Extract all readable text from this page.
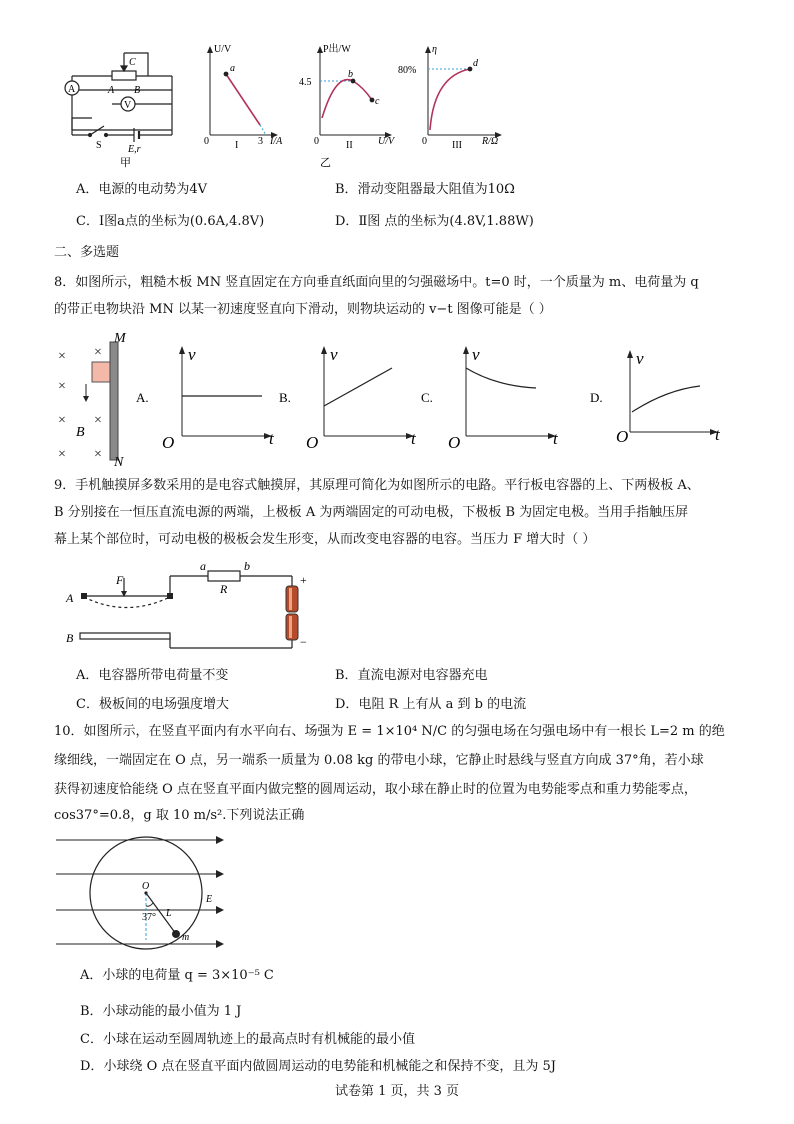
A
V
C
A B
S	E,r
甲
U/V
a
0	3 I/A
I
P出/W
4.5
b
c
0	U/V
II
乙
η
80%
d
0	R/Ω
III
A．电源的电动势为4V	B．滑动变阻器最大阻值为10Ω
C．Ⅰ图a点的坐标为(0.6A,4.8V)	D．Ⅱ图 点的坐标为(4.8V,1.88W)
二、多选题
8．如图所示，粗糙木板 MN 竖直固定在方向垂直纸面向里的匀强磁场中。t=0 时，一个质量为 m、电荷量为 q
的带正电物块沿 MN 以某一初速度竖直向下滑动，则物块运动的 v−t 图像可能是（ ）
×
×
×
×
×
×
×
B
M
N
A.
v
t
O
B.
v
t
O
C.
v
t
O
D.
v
t
O
9．手机触摸屏多数采用的是电容式触摸屏，其原理可简化为如图所示的电路。平行板电容器的上、下两极板 A、
B 分别接在一恒压直流电源的两端，上极板 A 为两端固定的可动电极，下极板 B 为固定电极。当用手指触压屏
幕上某个部位时，可动电极的极板会发生形变，从而改变电容器的电容。当压力 F 增大时（ ）
F
A
B
a	b
R
+
−
A．电容器所带电荷量不变	B．直流电源对电容器充电
C．极板间的电场强度增大	D．电阻 R 上有从 a 到 b 的电流
10．如图所示，在竖直平面内有水平向右、场强为 E = 1×10⁴ N/C 的匀强电场在匀强电场中有一根长 L=2 m 的绝
缘细线，一端固定在 O 点，另一端系一质量为 0.08 kg 的带电小球，它静止时悬线与竖直方向成 37°角，若小球
获得初速度恰能绕 O 点在竖直平面内做完整的圆周运动，取小球在静止时的位置为电势能零点和重力势能零点，
cos37°=0.8，g 取 10 m/s².下列说法正确
O
E
L
m
37°
A．小球的电荷量 q = 3×10⁻⁵ C
B．小球动能的最小值为 1 J
C．小球在运动至圆周轨迹上的最高点时有机械能的最小值
D．小球绕 O 点在竖直平面内做圆周运动的电势能和机械能之和保持不变，且为 5J
试卷第 1 页，共 3 页
